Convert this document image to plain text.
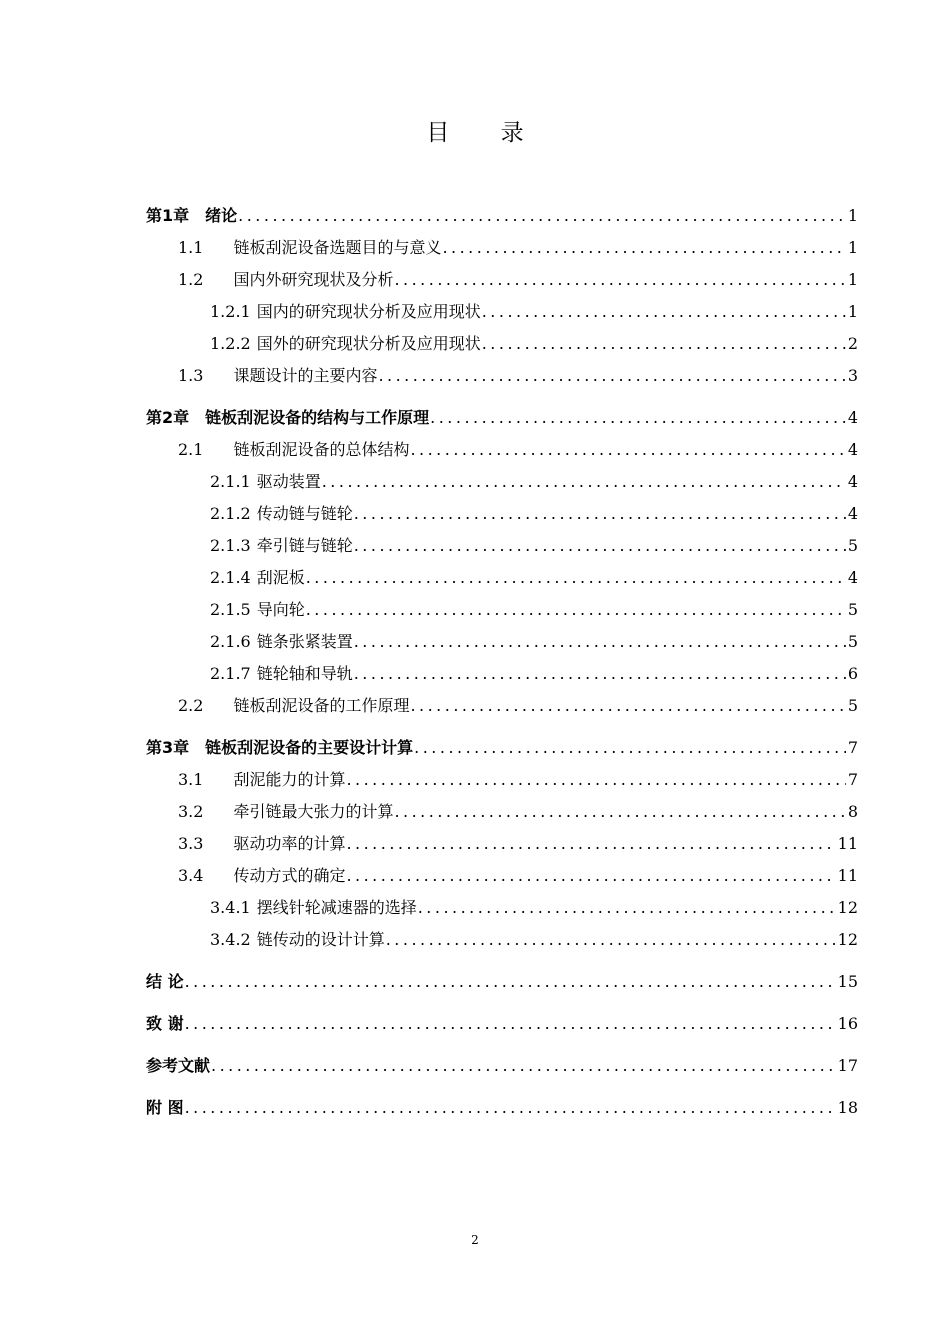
目 录
第1章 绪论 . . .	1
1.1 链板刮泥设备选题目的与意义 . . .	1
1.2 国内外研究现状及分析 . . .	1
1.2.1 国内的研究现状分析及应用现状 . . .	1
1.2.2 国外的研究现状分析及应用现状 . . .	2
1.3 课题设计的主要内容 . . .	3
第2章 链板刮泥设备的结构与工作原理 . . .	4
2.1 链板刮泥设备的总体结构 . . .	4
2.1.1 驱动装置 . . .	4
2.1.2 传动链与链轮 . . .	4
2.1.3 牵引链与链轮 . . .	5
2.1.4 刮泥板 . . .	4
2.1.5 导向轮 . . .	5
2.1.6 链条张紧装置 . . .	5
2.1.7 链轮轴和导轨 . . .	6
2.2 链板刮泥设备的工作原理 . . .	5
第3章 链板刮泥设备的主要设计计算 . . .	7
3.1 刮泥能力的计算 . . .	7
3.2 牵引链最大张力的计算 . . .	8
3.3 驱动功率的计算 . . .	11
3.4 传动方式的确定 . . .	11
3.4.1 摆线针轮减速器的选择 . . .	12
3.4.2 链传动的设计计算 . . .	12
结 论 . . .	15
致 谢 . . .	16
参考文献 . . .	17
附 图 . . .	18
2
